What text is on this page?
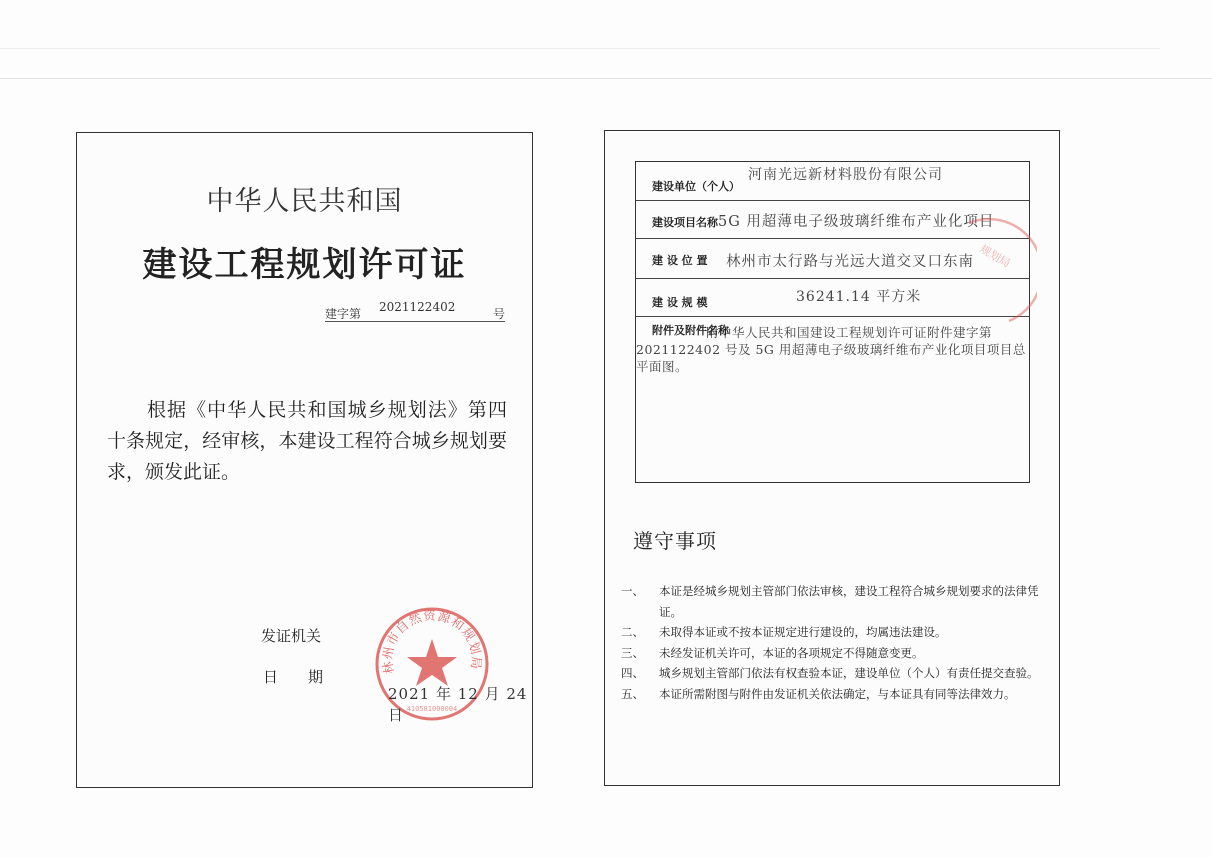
中华人民共和国
建设工程规划许可证
建字第 2021122402	号
根据《中华人民共和国城乡规划法》第四十条规定，经审核，本建设工程符合城乡规划要求，颁发此证。
发证机关
日期
林州市自然资源和规划局
410581000004
2021 年 12 月 24 日
建设单位（个人）
河南光远新材料股份有限公司
建设项目名称 5G 用超薄电子级玻璃纤维布产业化项目
建 设 位 置 林州市太行路与光远大道交叉口东南
建 设 规 模	36241.14 平方米
附件及附件名称
附中华人民共和国建设工程规划许可证附件建字第2021122402 号及 5G 用超薄电子级玻璃纤维布产业化项目项目总平面图。
规划局
遵守事项
一、 本证是经城乡规划主管部门依法审核，建设工程符合城乡规划要求的法律凭证。
二、 未取得本证或不按本证规定进行建设的，均属违法建设。
三、 未经发证机关许可，本证的各项规定不得随意变更。
四、 城乡规划主管部门依法有权查验本证，建设单位（个人）有责任提交查验。
五、 本证所需附图与附件由发证机关依法确定，与本证具有同等法律效力。
